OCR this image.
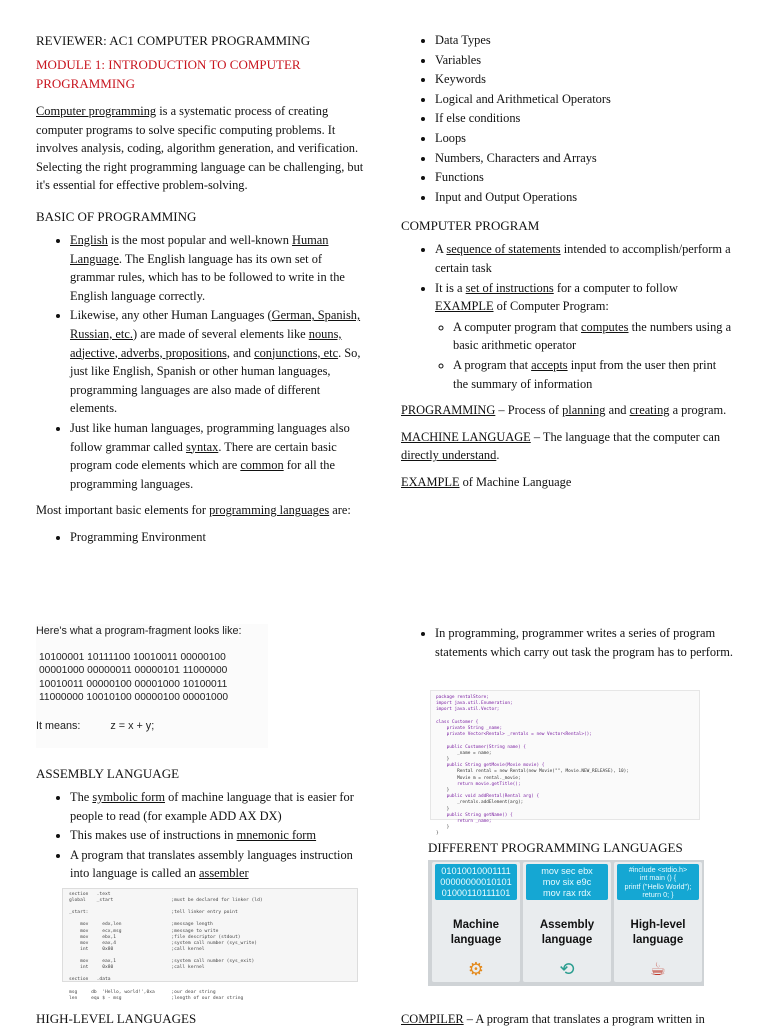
REVIEWER: AC1 COMPUTER PROGRAMMING
MODULE 1: INTRODUCTION TO COMPUTER PROGRAMMING

Computer programming is a systematic process of creating computer programs to solve specific computing problems. It involves analysis, coding, algorithm generation, and verification. Selecting the right programming language can be challenging, but it's essential for effective problem-solving.

BASIC OF PROGRAMMING
• English is the most popular and well-known Human Language. The English language has its own set of grammar rules, which has to be followed to write in the English language correctly.
• Likewise, any other Human Languages (German, Spanish, Russian, etc.) are made of several elements like nouns, adjective, adverbs, propositions, and conjunctions, etc. So, just like English, Spanish or other human languages, programming languages are also made of different elements.
• Just like human languages, programming languages also follow grammar called syntax. There are certain basic program code elements which are common for all the programming languages.

Most important basic elements for programming languages are:

• Programming Environment
• Data Types
• Variables
• Keywords
• Logical and Arithmetical Operators
• If else conditions
• Loops
• Numbers, Characters and Arrays
• Functions
• Input and Output Operations
COMPUTER PROGRAM
• A sequence of statements intended to accomplish/perform a certain task
• It is a set of instructions for a computer to follow
EXAMPLE of Computer Program:
◦ A computer program that computes the numbers using a basic arithmetic operator
◦ A program that accepts input from the user then print the summary of information

PROGRAMMING – Process of planning and creating a program.

MACHINE LANGUAGE – The language that the computer can directly understand.

EXAMPLE of Machine Language

Here's what a program-fragment looks like:
10100001 10111100 10010011 00000100
00001000 00000011 00000101 11000000
10010011 00000100 00001000 10100011
11000000 10010100 00000100 00001000
It means:	z = x + y;
ASSEMBLY LANGUAGE
• The symbolic form of machine language that is easier for people to read (for example ADD AX DX)
• This makes use of instructions in mnemonic form
• A program that translates assembly languages instruction into language is called an assembler
section   .text
global    _start                     ;must be declared for linker (ld)

_start:                              ;tell linker entry point

mov     edx,len                  ;message length
mov     ecx,msg                  ;message to write
mov     ebx,1                    ;file descriptor (stdout)
mov     eax,4                    ;system call number (sys_write)
int     0x80                     ;call kernel

mov     eax,1                    ;system call number (sys_exit)
int     0x80                     ;call kernel

section   .data

msg     db  'Hello, world!',0xa      ;our dear string
len     equ $ - msg                  ;length of our dear string
HIGH-LEVEL LANGUAGES
• In programming, programmer writes a series of program statements which carry out task the program has to perform.
package rentalStore;
import java.util.Enumeration;
import java.util.Vector;
class Customer {
private String _name;
private Vector<Rental> _rentals = new Vector<Rental>();
public Customer(String name) {
_name = name;
}
public String getMovie(Movie movie) {
Rental rental = new Rental(new Movie("", Movie.NEW_RELEASE), 10);
Movie m = rental._movie;
return movie.getTitle();
}
public void addRental(Rental arg) {
_rentals.addElement(arg);
}
public String getName() {
return _name;
}
}
DIFFERENT PROGRAMMING LANGUAGES
01010010001111
00000000010101
01000110111101
Machine
language
⚙
mov sec ebx
mov six e9c
mov rax rdx
Assembly
language
⟲
#include <stdio.h>
int main () {
printf ("Hello World");
return 0; }
High-level
language
☕
COMPILER – A program that translates a program written in
